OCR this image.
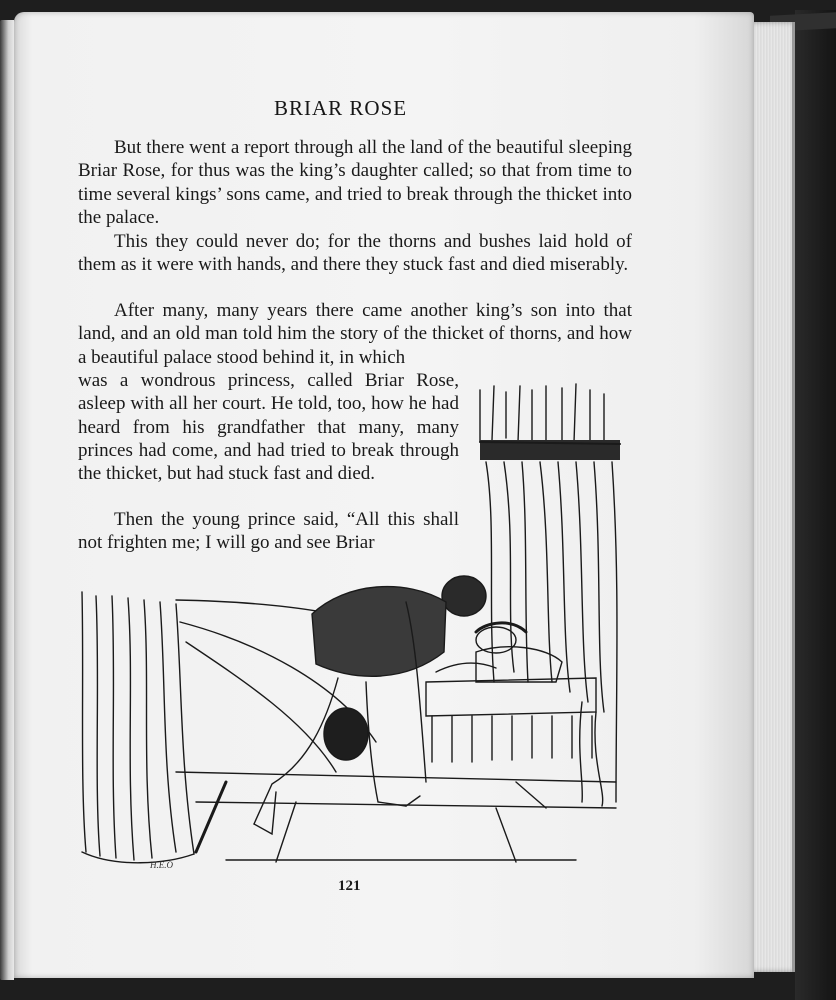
BRIAR ROSE

But there went a report through all the land of the beautiful sleeping Briar Rose, for thus was the king’s daughter called; so that from time to time several kings’ sons came, and tried to break through the thicket into the palace.

This they could never do; for the thorns and bushes laid hold of them as it were with hands, and there they stuck fast and died miserably.

After many, many years there came another king’s son into that land, and an old man told him the story of the thicket of thorns, and how a beautiful palace stood behind it, in which

was a wondrous princess, called Briar Rose, asleep with all her court. He told, too, how he had heard from his grandfather that many, many princes had come, and had tried to break through the thicket, but had stuck fast and died.

Then the young prince said, “All this shall not frighten me; I will go and see Briar

H.E.O
121
